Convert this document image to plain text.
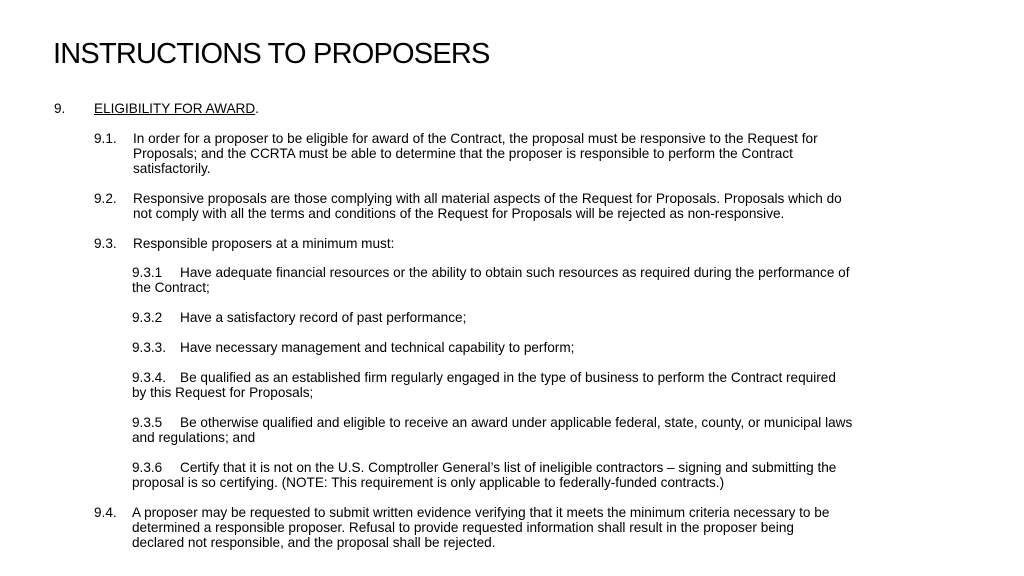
INSTRUCTIONS TO PROPOSERS
9. ELIGIBILITY FOR AWARD.
9.1. In order for a proposer to be eligible for award of the Contract, the proposal must be responsive to the Request for
Proposals; and the CCRTA must be able to determine that the proposer is responsible to perform the Contract
satisfactorily.
9.2. Responsive proposals are those complying with all material aspects of the Request for Proposals. Proposals which do
not comply with all the terms and conditions of the Request for Proposals will be rejected as non-responsive.
9.3. Responsible proposers at a minimum must:
9.3.1 Have adequate financial resources or the ability to obtain such resources as required during the performance of
the Contract;
9.3.2 Have a satisfactory record of past performance;
9.3.3. Have necessary management and technical capability to perform;
9.3.4. Be qualified as an established firm regularly engaged in the type of business to perform the Contract required
by this Request for Proposals;
9.3.5 Be otherwise qualified and eligible to receive an award under applicable federal, state, county, or municipal laws
and regulations; and
9.3.6 Certify that it is not on the U.S. Comptroller General’s list of ineligible contractors – signing and submitting the
proposal is so certifying. (NOTE: This requirement is only applicable to federally-funded contracts.)
9.4. A proposer may be requested to submit written evidence verifying that it meets the minimum criteria necessary to be
determined a responsible proposer. Refusal to provide requested information shall result in the proposer being
declared not responsible, and the proposal shall be rejected.
